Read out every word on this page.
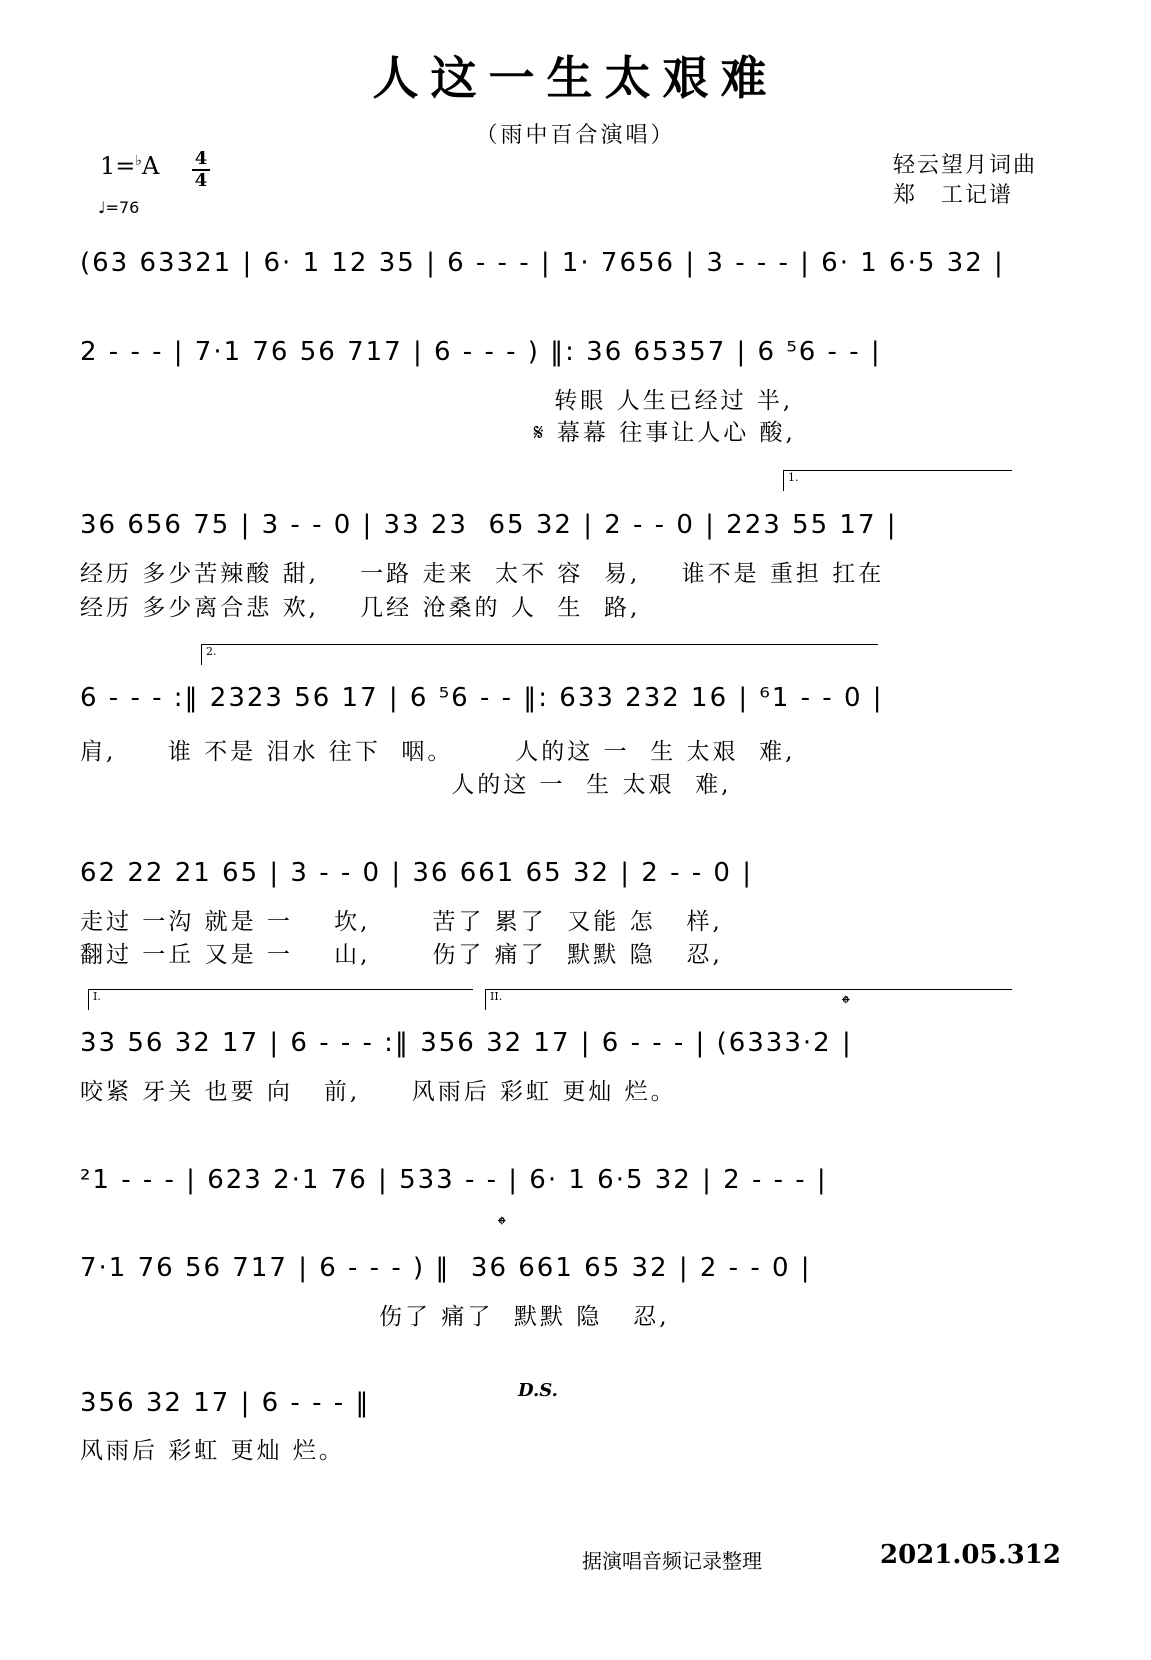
人这一生太艰难
（雨中百合演唱）
1=♭A 4
4
♩=76
轻云望月词曲
郑　工记谱
(63 63321 | 6· 1 12 35 | 6 - - - | 1· 7656 | 3 - - - | 6· 1 6·5 32 |
2 - - - | 7·1 76 56 717 | 6 - - - ) ‖: 36 65357 | 6 ⁵6 - - |
转眼 人生已经过 半,
𝄋 幕幕 往事让人心 酸,
1.
36 656 75 | 3 - - 0 | 33 23  65 32 | 2 - - 0 | 223 55 17 |
经历 多少苦辣酸 甜,    一路 走来  太不 容  易,    谁不是 重担 扛在
经历 多少离合悲 欢,    几经 沧桑的 人  生  路,
2.
6 - - - :‖ 2323 56 17 | 6 ⁵6 - - ‖: 633 232 16 | ⁶1 - - 0 |
肩,     谁 不是 泪水 往下  咽。      人的这 一  生 太艰  难,
人的这 一  生 太艰  难,
62 22 21 65 | 3 - - 0 | 36 661 65 32 | 2 - - 0 |
走过 一沟 就是 一    坎,      苦了 累了  又能 怎   样,
翻过 一丘 又是 一    山,      伤了 痛了  默默 隐   忍,
I.	II.	𝄌
33 56 32 17 | 6 - - - :‖ 356 32 17 | 6 - - - | (6333·2 |
咬紧 牙关 也要 向   前,     风雨后 彩虹 更灿 烂。
²1 - - - | 623 2·1 76 | 533 - - | 6· 1 6·5 32 | 2 - - - |
𝄌
7·1 76 56 717 | 6 - - - ) ‖  36 661 65 32 | 2 - - 0 |
D.S.
伤了 痛了  默默 隐   忍,
356 32 17 | 6 - - - ‖
风雨后 彩虹 更灿 烂。
据演唱音频记录整理	2021.05.312
